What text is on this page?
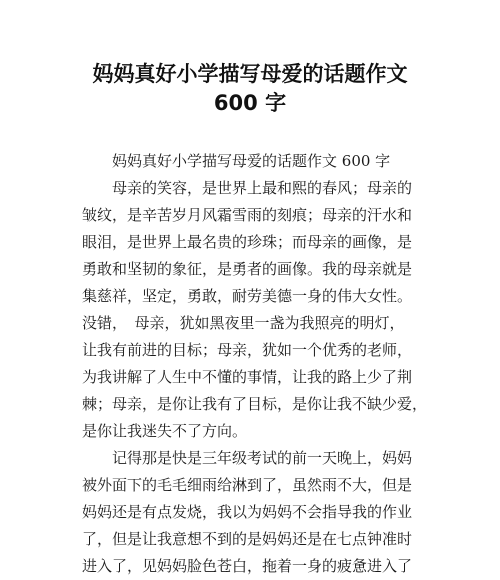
妈妈真好小学描写母爱的话题作文
600 字
　　妈妈真好小学描写母爱的话题作文 600 字
　　母亲的笑容，是世界上最和熙的春风；母亲的
皱纹，是辛苦岁月风霜雪雨的刻痕；母亲的汗水和
眼泪，是世界上最名贵的珍珠；而母亲的画像，是
勇敢和坚韧的象征，是勇者的画像。我的母亲就是
集慈祥，坚定，勇敢，耐劳美德一身的伟大女性。
没错，　母亲，犹如黑夜里一盏为我照亮的明灯，
让我有前进的目标；母亲，犹如一个优秀的老师，
为我讲解了人生中不懂的事情，让我的路上少了荆
棘；母亲，是你让我有了目标，是你让我不缺少爱，
是你让我迷失不了方向。
　　记得那是快是三年级考试的前一天晚上，妈妈
被外面下的毛毛细雨给淋到了，虽然雨不大，但是
妈妈还是有点发烧，我以为妈妈不会指导我的作业
了，但是让我意想不到的是妈妈还是在七点钟准时
进入了，见妈妈脸色苍白，拖着一身的疲惫进入了
